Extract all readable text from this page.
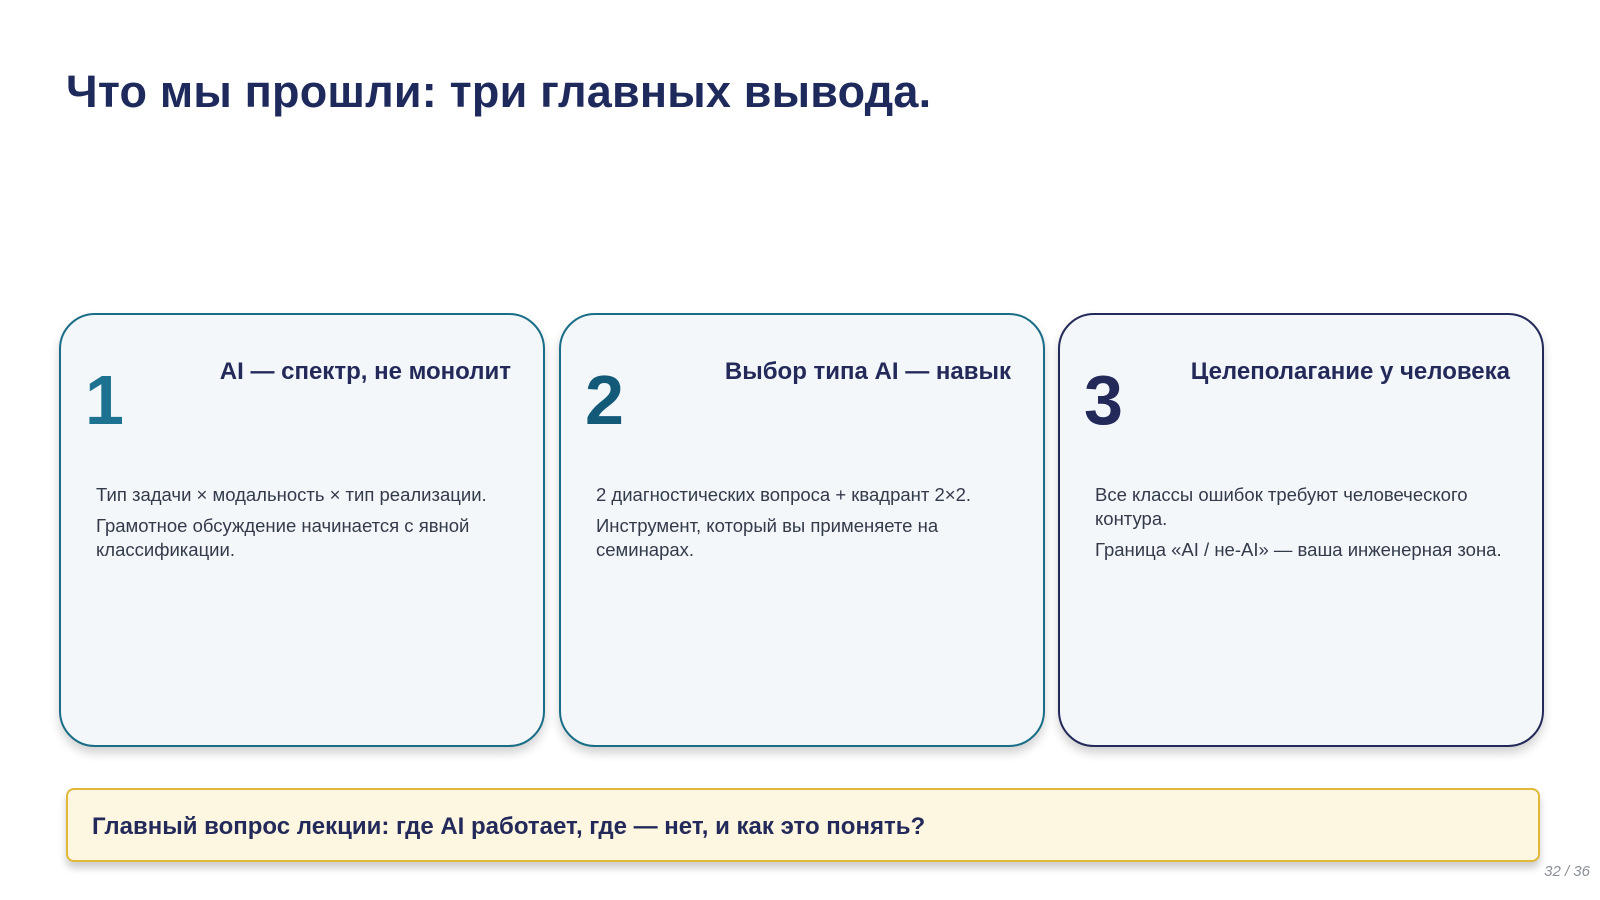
Что мы прошли: три главных вывода.
1	AI — спектр, не монолит

Тип задачи × модальность × тип реализации.

Грамотное обсуждение начинается с явной классификации.

2	Выбор типа AI — навык

2 диагностических вопроса + квадрант 2×2.

Инструмент, который вы применяете на семинарах.

3	Целеполагание у человека

Все классы ошибок требуют человеческого контура.

Граница «AI / не-AI» — ваша инженерная зона.

Главный вопрос лекции: где AI работает, где — нет, и как это понять?
32 / 36
